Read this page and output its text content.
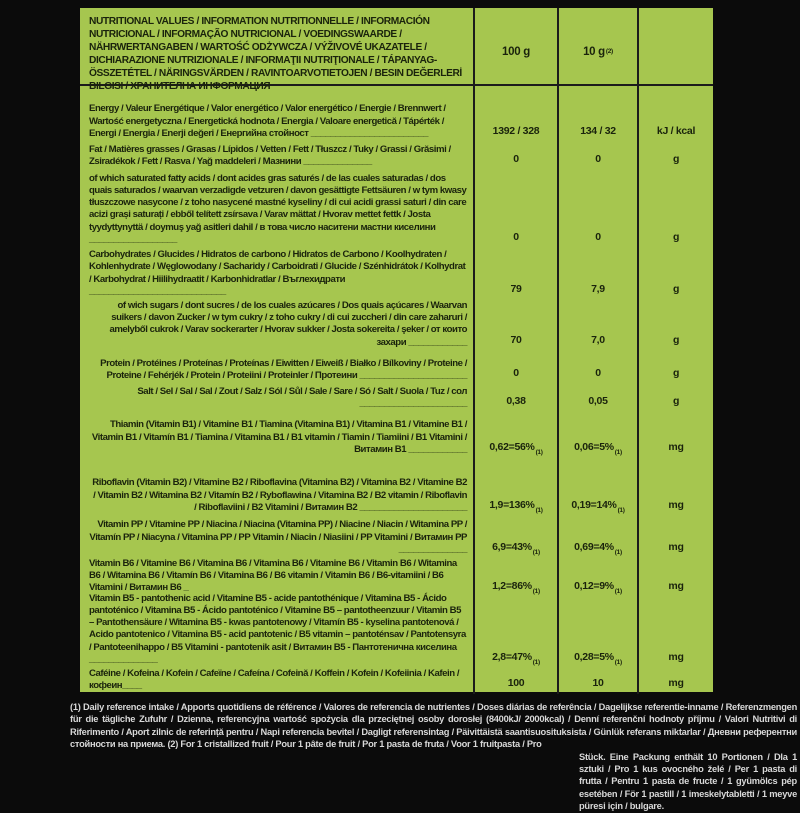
NUTRITIONAL VALUES / INFORMATION NUTRITIONNELLE / INFORMACIÓN NUTRICIONAL / INFORMAÇÃO NUTRICIONAL / VOEDINGSWAARDE / NÄHRWERTANGABEN / WARTOŚĆ ODŻYWCZA / VÝŽIVOVÉ UKAZATELE / DICHIARAZIONE NUTRIZIONALE / INFORMAŢII NUTRIŢIONALE / TÁPANYAG-ÖSSZETÉTEL / NÄRINGSVÄRDEN / RAVINTOARVOTIETOJEN / BESIN DEĞERLERİ BILGISI / ХРАНИТЕЛНА ИНФОРМАЦИЯ
100 g	10 g (2)
Energy / Valeur Energétique / Valor energético / Valor energético / Energie / Brennwert / Wartość energetyczna / Energetická hodnota / Energia / Valoare energetică / Tápérték / Energi / Energia / Enerji değeri / Енергийна стойност ________________________	1392 / 328	134 / 32	kJ / kcal
Fat / Matières grasses / Grasas / Lípidos / Vetten / Fett / Tłuszcz / Tuky / Grassi / Grăsimi / Zsiradékok / Fett / Rasva / Yağ maddeleri / Мазнини ______________	0	0	g
of which saturated fatty acids / dont acides gras saturés / de las cuales saturadas / dos quais saturados / waarvan verzadigde vetzuren / davon gesättigte Fettsäuren / w tym kwasy tłuszczowe nasycone / z toho nasycené mastné kyseliny / di cui acidi grassi saturi / din care acizi grași saturați / ebből telített zsírsava / Varav mättat / Hvorav mettet fettk / Josta tyydyttynyttä / doymuş yağ asitleri dahil / в това число наситени мастни киселини __________________	0	0	g
Carbohydrates / Glucides / Hidratos de carbono / Hidratos de Carbono / Koolhydraten / Kohlenhydrate / Węglowodany / Sacharidy / Carboidrati / Glucide / Szénhidrátok / Kolhydrat / Karbohydrat / Hiilihydraatit / Karbonhidratlar / Въглехидрати ____________________________	79	7,9	g
of wich sugars / dont sucres / de los cuales azúcares / Dos quais açúcares / Waarvan suikers / davon Zucker / w tym cukry / z toho cukry / di cui zuccheri / din care zaharuri / amelyből cukrok / Varav sockerarter / Hvorav sukker / Josta sokereita / şeker / от които захари ____________	70	7,0	g
Protein / Protéines / Proteínas / Proteínas / Eiwitten / Eiweiß / Białko / Bílkoviny / Proteine / Proteine / Fehérjék / Protein / Proteiini / Proteinler / Протеини ______________________	0	0	g
Salt / Sel / Sal / Sal / Zout / Salz / Sól / Sůl / Sale / Sare / Só / Salt / Suola / Tuz / сол ______________________	0,38	0,05	g
Thiamin (Vitamin B1) / Vitamine B1 / Tiamina (Vitamina B1) / Vitamina B1 / Vitamine B1 / Vitamin B1 / Vitamín B1 / Tiamina / Vitamina B1 / B1 vitamin / Tiamin / Tiamiini / B1 Vitamini / Витамин B1 ____________	0,62=56% (1)	0,06=5% (1)	mg
Riboflavin (Vitamin B2) / Vitamine B2 / Riboflavina (Vitamina B2) / Vitamina B2 / Vitamine B2 / Vitamin B2 / Witamina B2 / Vitamín B2 / Ryboflawina / Vitamina B2 / B2 vitamin / Riboflavin / Riboflaviini / B2 Vitamini / Витамин B2 ______________________	1,9=136% (1)	0,19=14% (1)	mg
Vitamin PP / Vitamine PP / Niacina / Niacina (Vitamina PP) / Niacine / Niacin / Witamina PP / Vitamín PP / Niacyna / Vitamina PP / PP Vitamin / Niacin / Niasiini / PP Vitamini / Витамин PP ______________	6,9=43% (1)	0,69=4% (1)	mg
Vitamin B6 / Vitamine B6 / Vitamina B6 / Vitamina B6 / Vitamine B6 / Vitamin B6 / Witamina B6 / Witamina B6 / Vitamín B6 / Vitamina B6 / B6 vitamin / Vitamin B6 / B6-vitamiini / B6 Vitamini / Витамин B6 _	1,2=86% (1)	0,12=9% (1)	mg
Vitamin B5 - pantothenic acid / Vitamine B5 - acide pantothénique / Vitamina B5 - Ácido pantoténico / Vitamina B5 - Ácido pantoténico / Vitamine B5 – pantotheenzuur / Vitamin B5 – Pantothensäure / Witamina B5 - kwas pantotenowy / Vitamín B5 - kyselina pantotenová / Acido pantotenico / Vitamina B5 - acid pantotenic / B5 vitamin – pantoténsav / Pantotensyra / Pantoteenihappo / B5 Vitamini - pantotenik asit / Витамин B5 - Пантотенична киселина ______________	2,8=47% (1)	0,28=5% (1)	mg
Caféine / Kofeina / Kofein / Cafeïne / Cafeína / Cofeină / Koffein / Kofein / Kofeiinia / Kafein / кофеин____	100	10	mg
(1) Daily reference intake / Apports quotidiens de référence / Valores de referencia de nutrientes / Doses diárias de referência / Dagelijkse referentie-inname / Referenzmengen für die tägliche Zufuhr / Dzienna, referencyjna wartość spożycia dla przeciętnej osoby dorosłej (8400kJ/ 2000kcal) / Denní referenční hodnoty příjmu / Valori Nutritivi di Riferimento / Aport zilnic de referință pentru / Napi referencia bevitel / Dagligt referensintag / Päivittäistä saantisuosituksista / Günlük referans miktarlar / Дневни референтни стойности на приема. (2) For 1 cristallized fruit / Pour 1 pâte de fruit / Por 1 pasta de fruta / Voor 1 fruitpasta / Pro
Stück. Eine Packung enthält 10 Portionen / Dla 1 sztuki / Pro 1 kus ovocného želé / Per 1 pasta di frutta / Pentru 1 pasta de fructe / 1 gyümölcs pép esetében / För 1 pastill / 1 imeskelytabletti / 1 meyve püresi için / bulgare.
